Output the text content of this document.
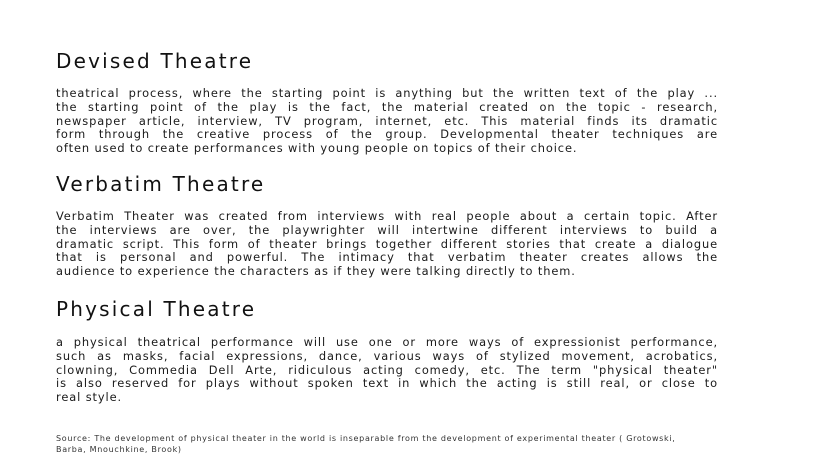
Devised Theatre

theatrical process, where the starting point is anything but the written text of the play ...
the starting point of the play is the fact, the material created on the topic - research,
newspaper article, interview, TV program, internet, etc. This material finds its dramatic
form through the creative process of the group. Developmental theater techniques are
often used to create performances with young people on topics of their choice.

Verbatim Theatre

Verbatim Theater was created from interviews with real people about a certain topic. After
the interviews are over, the playwrighter will intertwine different interviews to build a
dramatic script. This form of theater brings together different stories that create a dialogue
that is personal and powerful. The intimacy that verbatim theater creates allows the
audience to experience the characters as if they were talking directly to them.

Physical Theatre

a physical theatrical performance will use one or more ways of expressionist performance,
such as masks, facial expressions, dance, various ways of stylized movement, acrobatics,
clowning, Commedia Dell Arte, ridiculous acting comedy, etc. The term "physical theater"
is also reserved for plays without spoken text in which the acting is still real, or close to
real style.

Source: The development of physical theater in the world is inseparable from the development of experimental theater ( Grotowski,
Barba, Mnouchkine, Brook)
